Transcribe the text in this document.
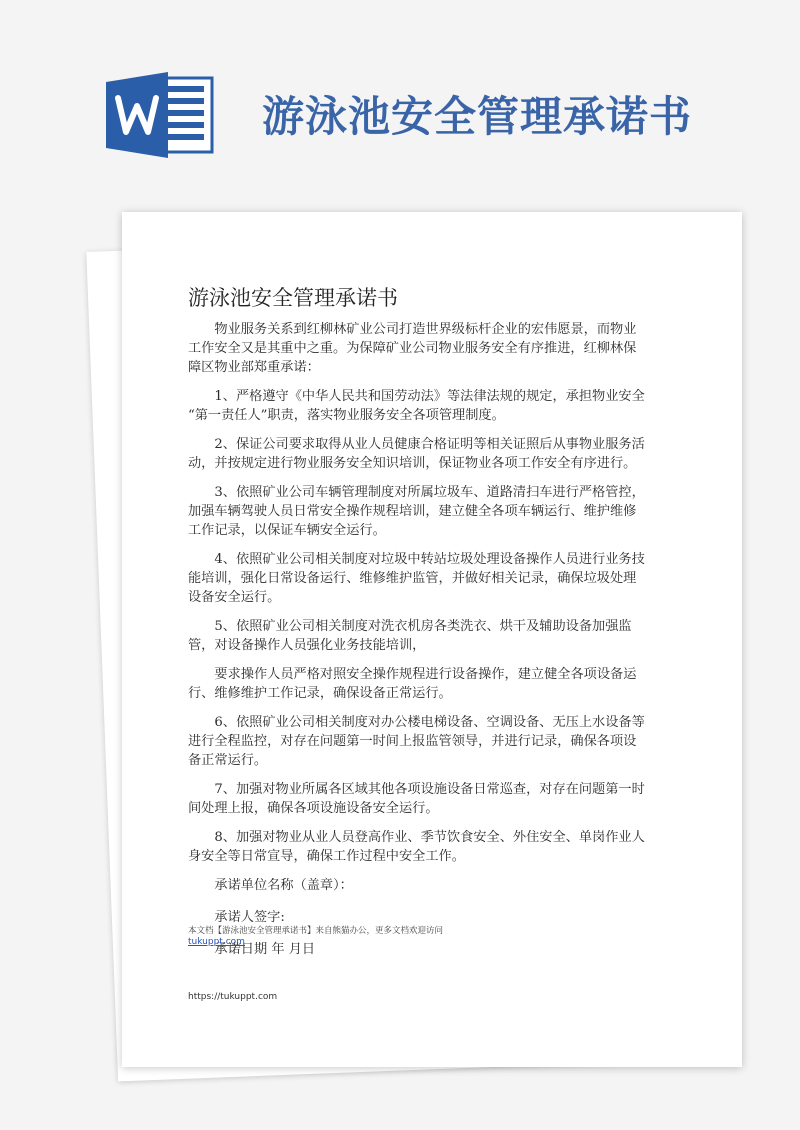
游泳池安全管理承诺书
游泳池安全管理承诺书

物业服务关系到红柳林矿业公司打造世界级标杆企业的宏伟愿景，而物业
工作安全又是其重中之重。为保障矿业公司物业服务安全有序推进，红柳林保
障区物业部郑重承诺：

1、严格遵守《中华人民共和国劳动法》等法律法规的规定，承担物业安全
“第一责任人”职责，落实物业服务安全各项管理制度。

2、保证公司要求取得从业人员健康合格证明等相关证照后从事物业服务活
动，并按规定进行物业服务安全知识培训，保证物业各项工作安全有序进行。

3、依照矿业公司车辆管理制度对所属垃圾车、道路清扫车进行严格管控，
加强车辆驾驶人员日常安全操作规程培训，建立健全各项车辆运行、维护维修
工作记录，以保证车辆安全运行。

4、依照矿业公司相关制度对垃圾中转站垃圾处理设备操作人员进行业务技
能培训，强化日常设备运行、维修维护监管，并做好相关记录，确保垃圾处理
设备安全运行。

5、依照矿业公司相关制度对洗衣机房各类洗衣、烘干及辅助设备加强监
管，对设备操作人员强化业务技能培训，

要求操作人员严格对照安全操作规程进行设备操作，建立健全各项设备运
行、维修维护工作记录，确保设备正常运行。

6、依照矿业公司相关制度对办公楼电梯设备、空调设备、无压上水设备等
进行全程监控，对存在问题第一时间上报监管领导，并进行记录，确保各项设
备正常运行。

7、加强对物业所属各区域其他各项设施设备日常巡查，对存在问题第一时
间处理上报，确保各项设施设备安全运行。

8、加强对物业从业人员登高作业、季节饮食安全、外住安全、单岗作业人
身安全等日常宣导，确保工作过程中安全工作。

承诺单位名称（盖章）：

承诺人签字:

承诺日期 年 月日

本文档【游泳池安全管理承诺书】来自熊猫办公，更多文档欢迎访问
tukuppt.com
https://tukuppt.com
